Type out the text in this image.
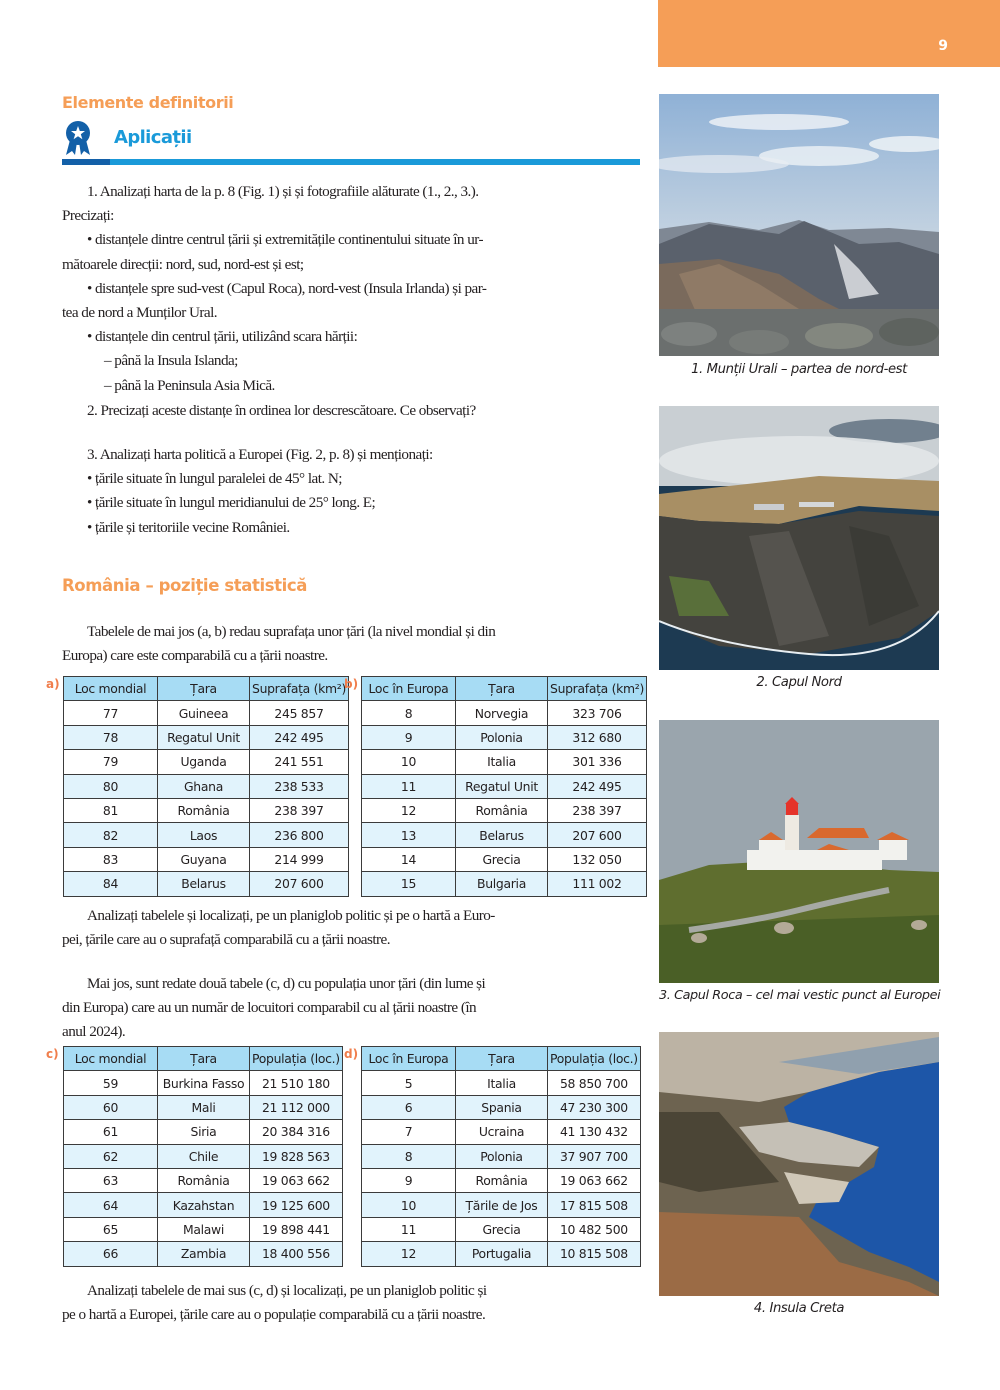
9
Elemente definitorii
Aplicații

1. Analizați harta de la p. 8 (Fig. 1) și și fotografiile alăturate (1., 2., 3.).

Precizați:

• distanțele dintre centrul țării și extremitățile continentului situate în ur-

mătoarele direcții: nord, sud, nord-est și est;

• distanțele spre sud-vest (Capul Roca), nord-vest (Insula Irlanda) și par-

tea de nord a Munților Ural.

• distanțele din centrul țării, utilizând scara hărții:

– până la Insula Islanda;

– până la Peninsula Asia Mică.

2. Precizați aceste distanțe în ordinea lor descrescătoare. Ce observați?

3. Analizați harta politică a Europei (Fig. 2, p. 8) și menționați:

• țările situate în lungul paralelei de 45° lat. N;

• țările situate în lungul meridianului de 25° long. E;

• țările și teritoriile vecine României.

România – poziție statistică

Tabelele de mai jos (a, b) redau suprafața unor țări (la nivel mondial și din

Europa) care este comparabilă cu a țării noastre.

a) Loc mondial	Țara	Suprafața (km²)
77	Guineea	245 857
78	Regatul Unit	242 495
79	Uganda	241 551
80	Ghana	238 533
81	România	238 397
82	Laos	236 800
83	Guyana	214 999
84	Belarus	207 600
b) Loc în Europa	Țara	Suprafața (km²)
8	Norvegia	323 706
9	Polonia	312 680
10	Italia	301 336
11	Regatul Unit	242 495
12	România	238 397
13	Belarus	207 600
14	Grecia	132 050
15	Bulgaria	111 002

Analizați tabelele și localizați, pe un planiglob politic și pe o hartă a Euro-

pei, țările care au o suprafață comparabilă cu a țării noastre.

Mai jos, sunt redate două tabele (c, d) cu populația unor țări (din lume și

din Europa) care au un număr de locuitori comparabil cu al țării noastre (în

anul 2024).

c) Loc mondial	Țara	Populația (loc.)
59	Burkina Fasso	21 510 180
60	Mali	21 112 000
61	Siria	20 384 316
62	Chile	19 828 563
63	România	19 063 662
64	Kazahstan	19 125 600
65	Malawi	19 898 441
66	Zambia	18 400 556
d) Loc în Europa	Țara	Populația (loc.)
5	Italia	58 850 700
6	Spania	47 230 300
7	Ucraina	41 130 432
8	Polonia	37 907 700
9	România	19 063 662
10	Țările de Jos	17 815 508
11	Grecia	10 482 500
12	Portugalia	10 815 508

Analizați tabelele de mai sus (c, d) și localizați, pe un planiglob politic și

pe o hartă a Europei, țările care au o populație comparabilă cu a țării noastre.

1. Munții Urali – partea de nord-est
2. Capul Nord
3. Capul Roca – cel mai vestic punct al Europei
4. Insula Creta
